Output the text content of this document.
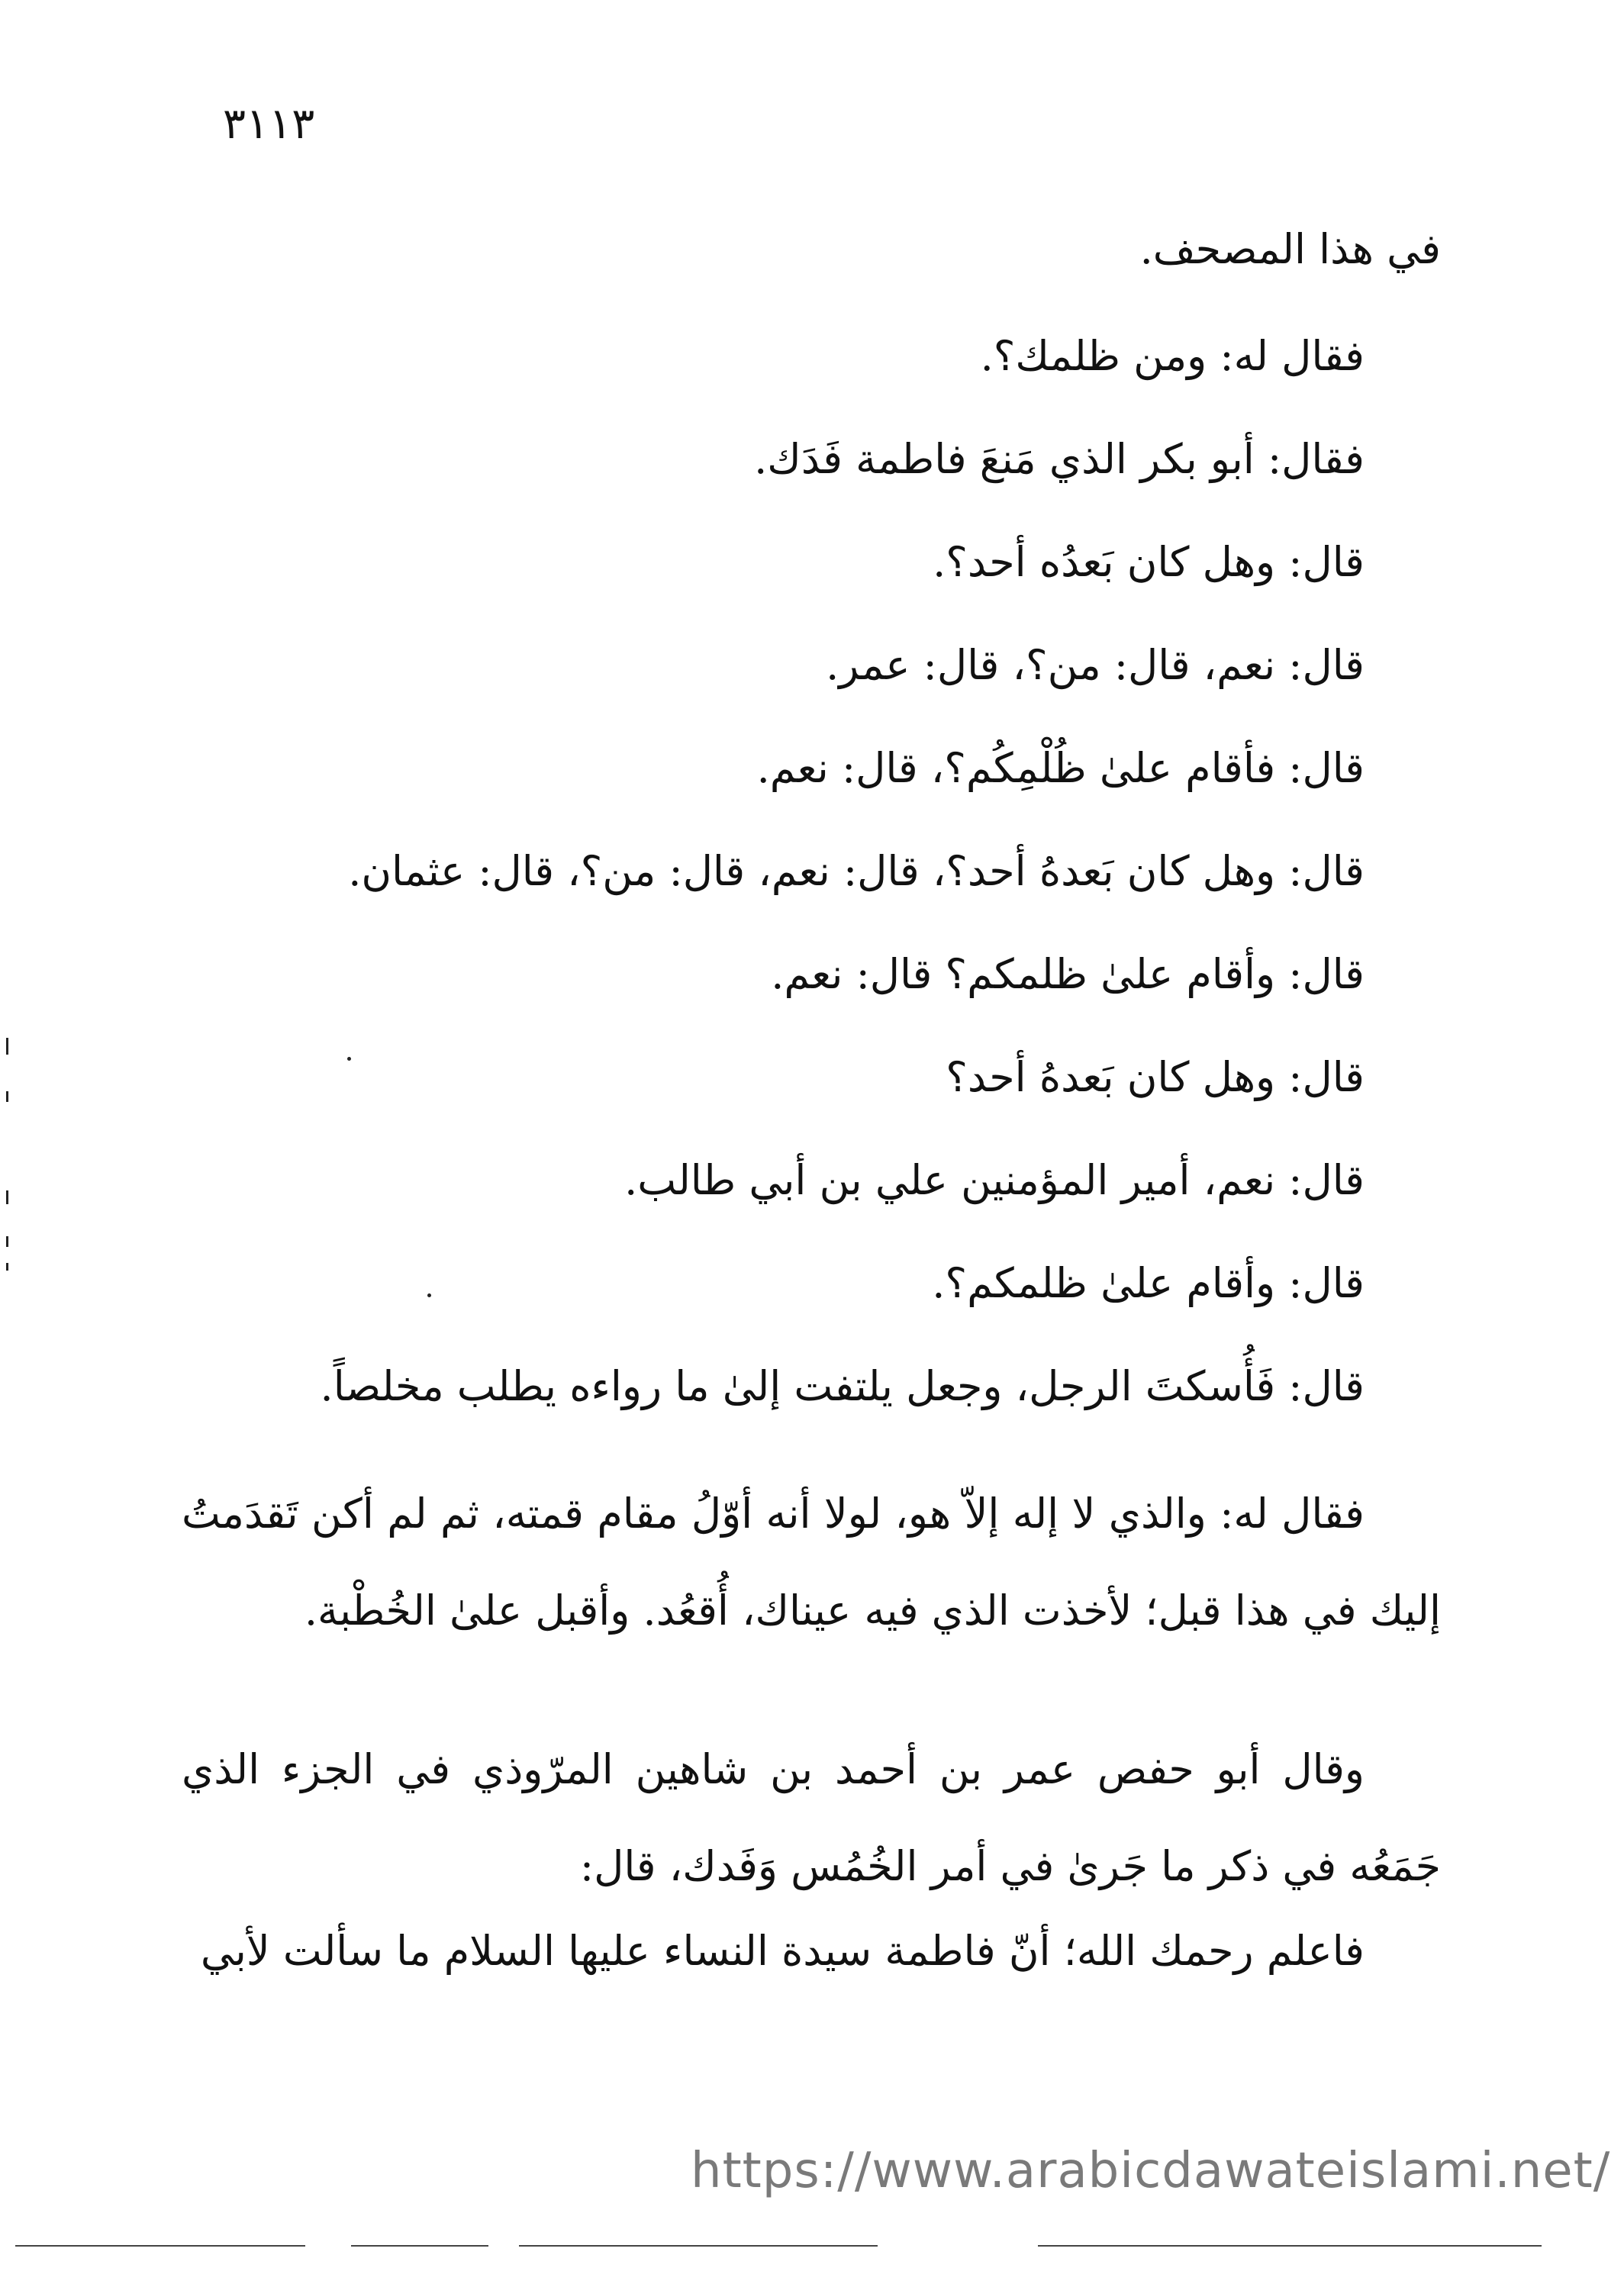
٣١١٣
في هذا المصحف.
فقال له: ومن ظلمك؟.
فقال: أبو بكر الذي مَنعَ فاطمة فَدَك.
قال: وهل كان بَعدُه أحد؟.
قال: نعم، قال: من؟، قال: عمر.
قال: فأقام علىٰ ظُلْمِكُم؟، قال: نعم.
قال: وهل كان بَعدهُ أحد؟، قال: نعم، قال: من؟، قال: عثمان.
قال: وأقام علىٰ ظلمكم؟ قال: نعم.
قال: وهل كان بَعدهُ أحد؟
قال: نعم، أمير المؤمنين علي بن أبي طالب.
قال: وأقام علىٰ ظلمكم؟.
قال: فَأُسكتَ الرجل، وجعل يلتفت إلىٰ ما رواءه يطلب مخلصاً.
فقال له: والذي لا إله إلاّ هو، لولا أنه أوّلُ مقام قمته، ثم لم أكن تَقدَمتُ إليك في هذا قبل؛ لأخذت الذي فيه عيناك، أُقعُد. وأقبل علىٰ الخُطْبة.
وقال أبو حفص عمر بن أحمد بن شاهين المرّوذي في الجزء الذي جَمَعُه في ذكر ما جَرىٰ في أمر الخُمُس وَفَدك، قال:
فاعلم رحمك الله؛ أنّ فاطمة سيدة النساء عليها السلام ما سألت لأبي
https://www.arabicdawateislami.net/
